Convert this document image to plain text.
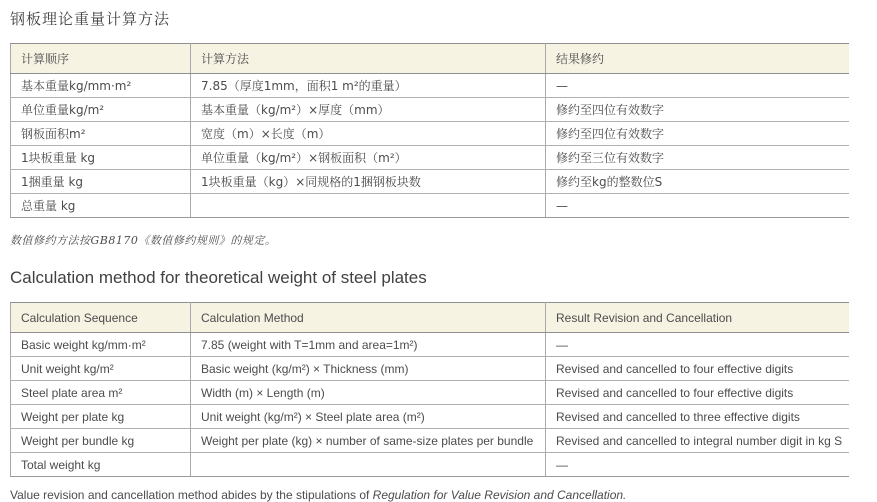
钢板理论重量计算方法
计算顺序	计算方法	结果修约
基本重量kg/mm·m²	7.85（厚度1mm，面积1 m²的重量）	—
单位重量kg/m²	基本重量（kg/m²）×厚度（mm）	修约至四位有效数字
钢板面积m²	宽度（m）×长度（m）	修约至四位有效数字
1块板重量 kg	单位重量（kg/m²）×钢板面积（m²）	修约至三位有效数字
1捆重量 kg	1块板重量（kg）×同规格的1捆钢板块数	修约至kg的整数位S
总重量 kg		—
数值修约方法按GB8170《数值修约规则》的规定。
Calculation method for theoretical weight of steel plates
Calculation Sequence	Calculation Method	Result Revision and Cancellation
Basic weight kg/mm·m²	7.85 (weight with T=1mm and area=1m²)	—
Unit weight kg/m²	Basic weight (kg/m²) × Thickness (mm)	Revised and cancelled to four effective digits
Steel plate area m²	Width (m) × Length (m)	Revised and cancelled to four effective digits
Weight per plate kg	Unit weight (kg/m²) × Steel plate area (m²)	Revised and cancelled to three effective digits
Weight per bundle kg	Weight per plate (kg) × number of same-size plates per bundle	Revised and cancelled to integral number digit in kg S
Total weight kg		—
Value revision and cancellation method abides by the stipulations of Regulation for Value Revision and Cancellation.
